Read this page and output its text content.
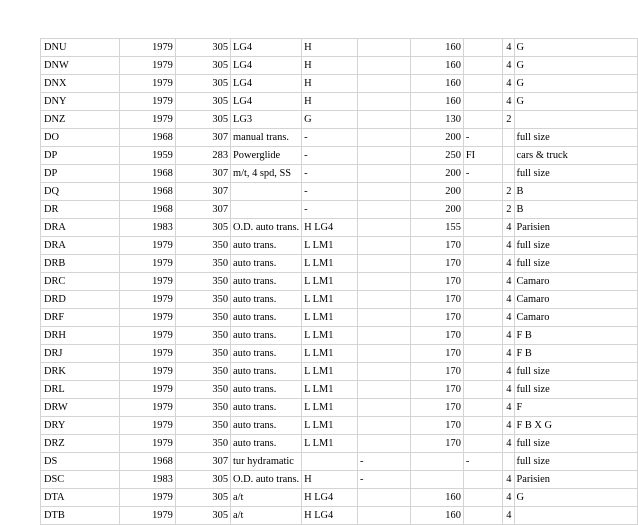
DNU	1979	305	LG4	H		160		4	G
DNW	1979	305	LG4	H		160		4	G
DNX	1979	305	LG4	H		160		4	G
DNY	1979	305	LG4	H		160		4	G
DNZ	1979	305	LG3	G		130		2	
DO	1968	307	manual trans.	-		200	-		full size
DP	1959	283	Powerglide	-		250	FI		cars & truck
DP	1968	307	m/t, 4 spd, SS	-		200	-		full size
DQ	1968	307		-		200		2	B
DR	1968	307		-		200		2	B
DRA	1983	305	O.D. auto trans.	H LG4		155		4	Parisien
DRA	1979	350	auto trans.	L LM1		170		4	full size
DRB	1979	350	auto trans.	L LM1		170		4	full size
DRC	1979	350	auto trans.	L LM1		170		4	Camaro
DRD	1979	350	auto trans.	L LM1		170		4	Camaro
DRF	1979	350	auto trans.	L LM1		170		4	Camaro
DRH	1979	350	auto trans.	L LM1		170		4	F B
DRJ	1979	350	auto trans.	L LM1		170		4	F B
DRK	1979	350	auto trans.	L LM1		170		4	full size
DRL	1979	350	auto trans.	L LM1		170		4	full size
DRW	1979	350	auto trans.	L LM1		170		4	F
DRY	1979	350	auto trans.	L LM1		170		4	F B X G
DRZ	1979	350	auto trans.	L LM1		170		4	full size
DS	1968	307	tur hydramatic		-		-		full size
DSC	1983	305	O.D. auto trans.	H	-			4	Parisien
DTA	1979	305	a/t	H LG4		160		4	G
DTB	1979	305	a/t	H LG4		160		4	
